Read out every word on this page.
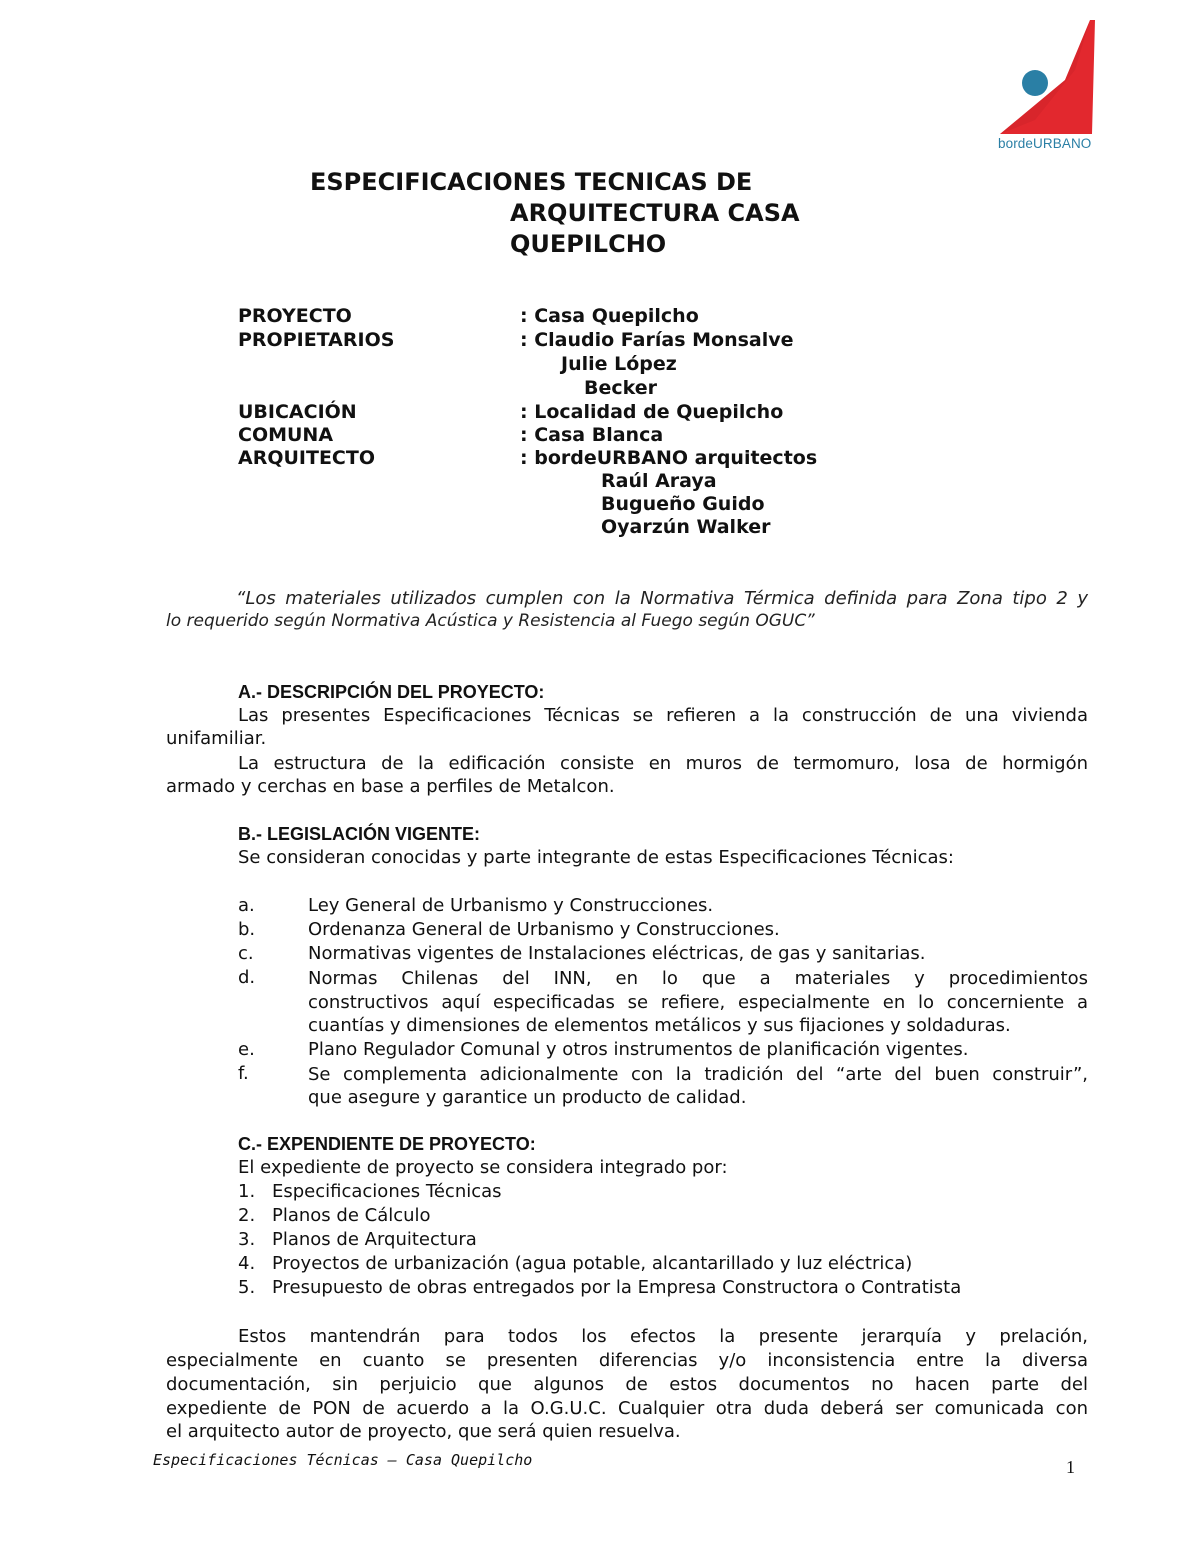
bordeURBANO
ESPECIFICACIONES TECNICAS DE
ARQUITECTURA CASA
QUEPILCHO
PROYECTO	: Casa Quepilcho
PROPIETARIOS	: Claudio Farías Monsalve
Julie López
Becker
UBICACIÓN	: Localidad de Quepilcho
COMUNA	: Casa Blanca
ARQUITECTO	: bordeURBANO arquitectos
Raúl Araya
Bugueño Guido
Oyarzún Walker
“Los materiales utilizados cumplen con la Normativa Térmica definida para Zona tipo 2 y
lo requerido según Normativa Acústica y Resistencia al Fuego según OGUC”
A.- DESCRIPCIÓN DEL PROYECTO:
Las presentes Especificaciones Técnicas se refieren a la construcción de una vivienda
unifamiliar.
La estructura de la edificación consiste en muros de termomuro, losa de hormigón
armado y cerchas en base a perfiles de Metalcon.
B.- LEGISLACIÓN VIGENTE:
Se consideran conocidas y parte integrante de estas Especificaciones Técnicas:
a.	Ley General de Urbanismo y Construcciones.
b.	Ordenanza General de Urbanismo y Construcciones.
c.	Normativas vigentes de Instalaciones eléctricas, de gas y sanitarias.
d.	Normas Chilenas del INN, en lo que a materiales y procedimientos
constructivos aquí especificadas se refiere, especialmente en lo concerniente a
cuantías y dimensiones de elementos metálicos y sus fijaciones y soldaduras.
e.	Plano Regulador Comunal y otros instrumentos de planificación vigentes.
f.	Se complementa adicionalmente con la tradición del “arte del buen construir”,
que asegure y garantice un producto de calidad.
C.- EXPENDIENTE DE PROYECTO:
El expediente de proyecto se considera integrado por:
1. Especificaciones Técnicas
2. Planos de Cálculo
3. Planos de Arquitectura
4. Proyectos de urbanización (agua potable, alcantarillado y luz eléctrica)
5. Presupuesto de obras entregados por la Empresa Constructora o Contratista
Estos mantendrán para todos los efectos la presente jerarquía y prelación,
especialmente en cuanto se presenten diferencias y/o inconsistencia entre la diversa
documentación, sin perjuicio que algunos de estos documentos no hacen parte del
expediente de PON de acuerdo a la O.G.U.C. Cualquier otra duda deberá ser comunicada con
el arquitecto autor de proyecto, que será quien resuelva.
Especificaciones Técnicas – Casa Quepilcho	1
